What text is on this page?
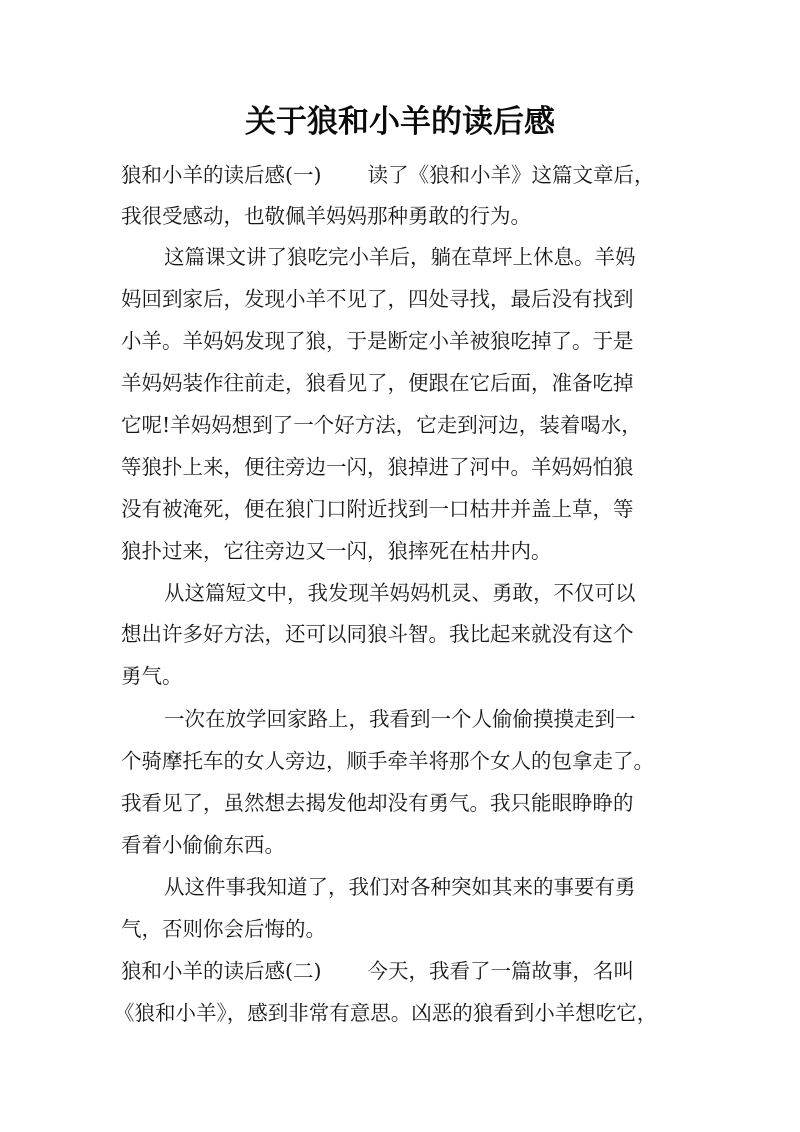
关于狼和小羊的读后感
狼和小羊的读后感(一) 读了《狼和小羊》这篇文章后，
我很受感动，也敬佩羊妈妈那种勇敢的行为。
这篇课文讲了狼吃完小羊后，躺在草坪上休息。羊妈
妈回到家后，发现小羊不见了，四处寻找，最后没有找到
小羊。羊妈妈发现了狼，于是断定小羊被狼吃掉了。于是
羊妈妈装作往前走，狼看见了，便跟在它后面，准备吃掉
它呢!羊妈妈想到了一个好方法，它走到河边，装着喝水，
等狼扑上来，便往旁边一闪，狼掉进了河中。羊妈妈怕狼
没有被淹死，便在狼门口附近找到一口枯井并盖上草，等
狼扑过来，它往旁边又一闪，狼摔死在枯井内。
从这篇短文中，我发现羊妈妈机灵、勇敢，不仅可以
想出许多好方法，还可以同狼斗智。我比起来就没有这个
勇气。
一次在放学回家路上，我看到一个人偷偷摸摸走到一
个骑摩托车的女人旁边，顺手牵羊将那个女人的包拿走了。
我看见了，虽然想去揭发他却没有勇气。我只能眼睁睁的
看着小偷偷东西。
从这件事我知道了，我们对各种突如其来的事要有勇
气，否则你会后悔的。
狼和小羊的读后感(二) 今天，我看了一篇故事，名叫
《狼和小羊》，感到非常有意思。凶恶的狼看到小羊想吃它，
